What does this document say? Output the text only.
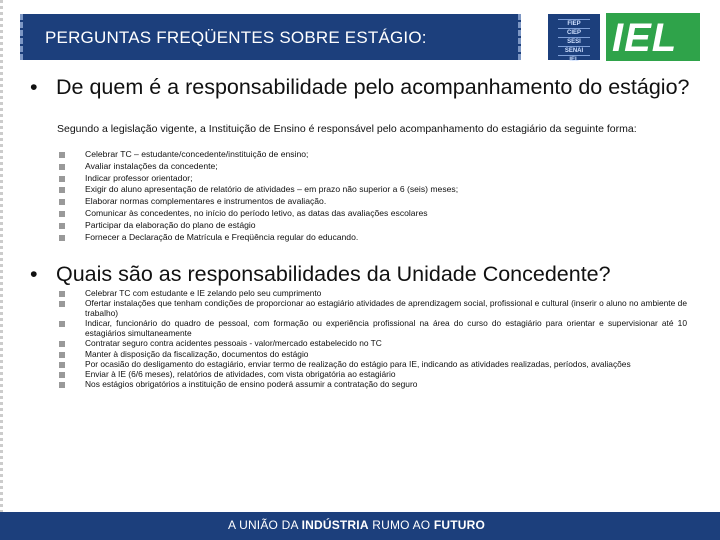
PERGUNTAS FREQÜENTES SOBRE ESTÁGIO:
FIEP
CIEP
SESI
SENAI
IEL IEL
• De quem é a responsabilidade pelo acompanhamento do estágio?
Segundo a legislação vigente, a Instituição de Ensino é responsável pelo acompanhamento do estagiário da seguinte forma:
Celebrar TC – estudante/concedente/instituição de ensino;
Avaliar instalações da concedente;
Indicar professor orientador;
Exigir do aluno apresentação de relatório de atividades – em prazo não superior a 6 (seis) meses;
Elaborar normas complementares e instrumentos de avaliação.
Comunicar às concedentes, no início do período letivo, as datas das avaliações escolares
Participar da elaboração do plano de estágio
Fornecer a Declaração de Matrícula e Freqüência regular do educando.
• Quais são as responsabilidades da Unidade Concedente?
Celebrar TC com estudante e IE zelando pelo seu cumprimento
Ofertar instalações que tenham condições de proporcionar ao estagiário atividades de aprendizagem social, profissional e cultural (inserir o aluno no ambiente de trabalho)
Indicar, funcionário do quadro de pessoal, com formação ou experiência profissional na área do curso do estagiário para orientar e supervisionar até 10 estagiários simultaneamente
Contratar seguro contra acidentes pessoais - valor/mercado estabelecido no TC
Manter à disposição da fiscalização, documentos do estágio
Por ocasião do desligamento do estagiário, enviar termo de realização do estágio para IE, indicando as atividades realizadas, períodos, avaliações
Enviar à IE (6/6 meses), relatórios de atividades, com vista obrigatória ao estagiário
Nos estágios obrigatórios a instituição de ensino poderá assumir a contratação do seguro
A UNIÃO DA INDÚSTRIA RUMO AO FUTURO
